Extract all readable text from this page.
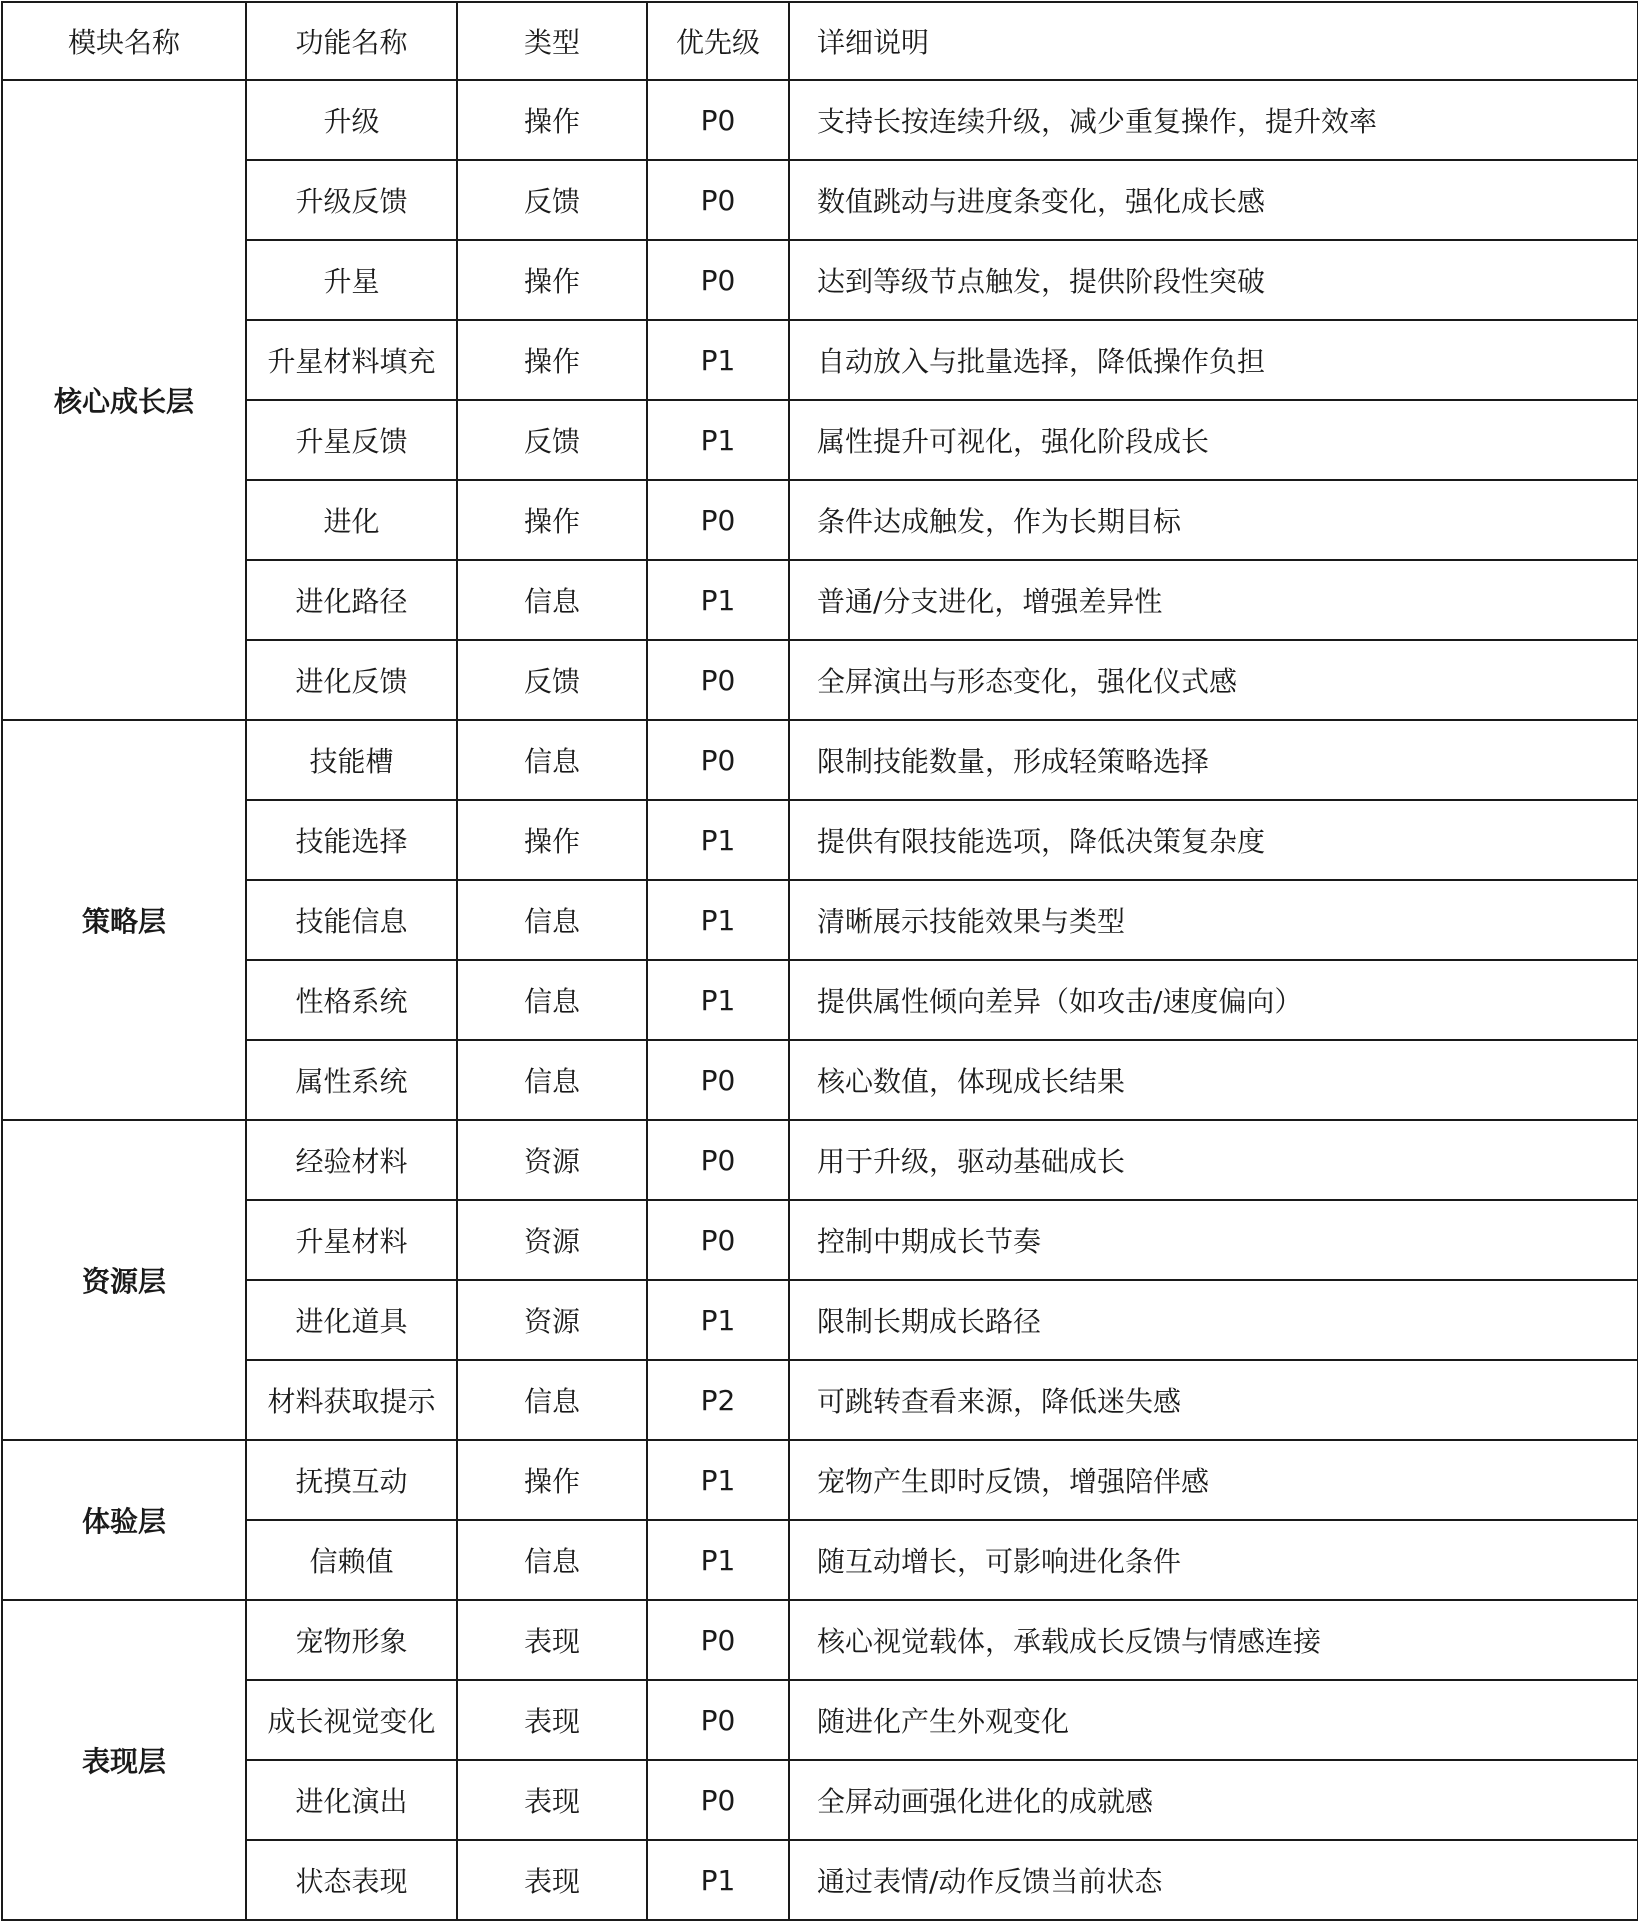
模块名称	功能名称	类型	优先级	详细说明
核心成长层	升级	操作	P0	支持长按连续升级，减少重复操作，提升效率
	升级反馈	反馈	P0	数值跳动与进度条变化，强化成长感
	升星	操作	P0	达到等级节点触发，提供阶段性突破
	升星材料填充	操作	P1	自动放入与批量选择，降低操作负担
	升星反馈	反馈	P1	属性提升可视化，强化阶段成长
	进化	操作	P0	条件达成触发，作为长期目标
	进化路径	信息	P1	普通/分支进化，增强差异性
	进化反馈	反馈	P0	全屏演出与形态变化，强化仪式感
策略层	技能槽	信息	P0	限制技能数量，形成轻策略选择
	技能选择	操作	P1	提供有限技能选项，降低决策复杂度
	技能信息	信息	P1	清晰展示技能效果与类型
	性格系统	信息	P1	提供属性倾向差异（如攻击/速度偏向）
	属性系统	信息	P0	核心数值，体现成长结果
资源层	经验材料	资源	P0	用于升级，驱动基础成长
	升星材料	资源	P0	控制中期成长节奏
	进化道具	资源	P1	限制长期成长路径
	材料获取提示	信息	P2	可跳转查看来源，降低迷失感
体验层	抚摸互动	操作	P1	宠物产生即时反馈，增强陪伴感
	信赖值	信息	P1	随互动增长，可影响进化条件
表现层	宠物形象	表现	P0	核心视觉载体，承载成长反馈与情感连接
	成长视觉变化	表现	P0	随进化产生外观变化
	进化演出	表现	P0	全屏动画强化进化的成就感
	状态表现	表现	P1	通过表情/动作反馈当前状态
